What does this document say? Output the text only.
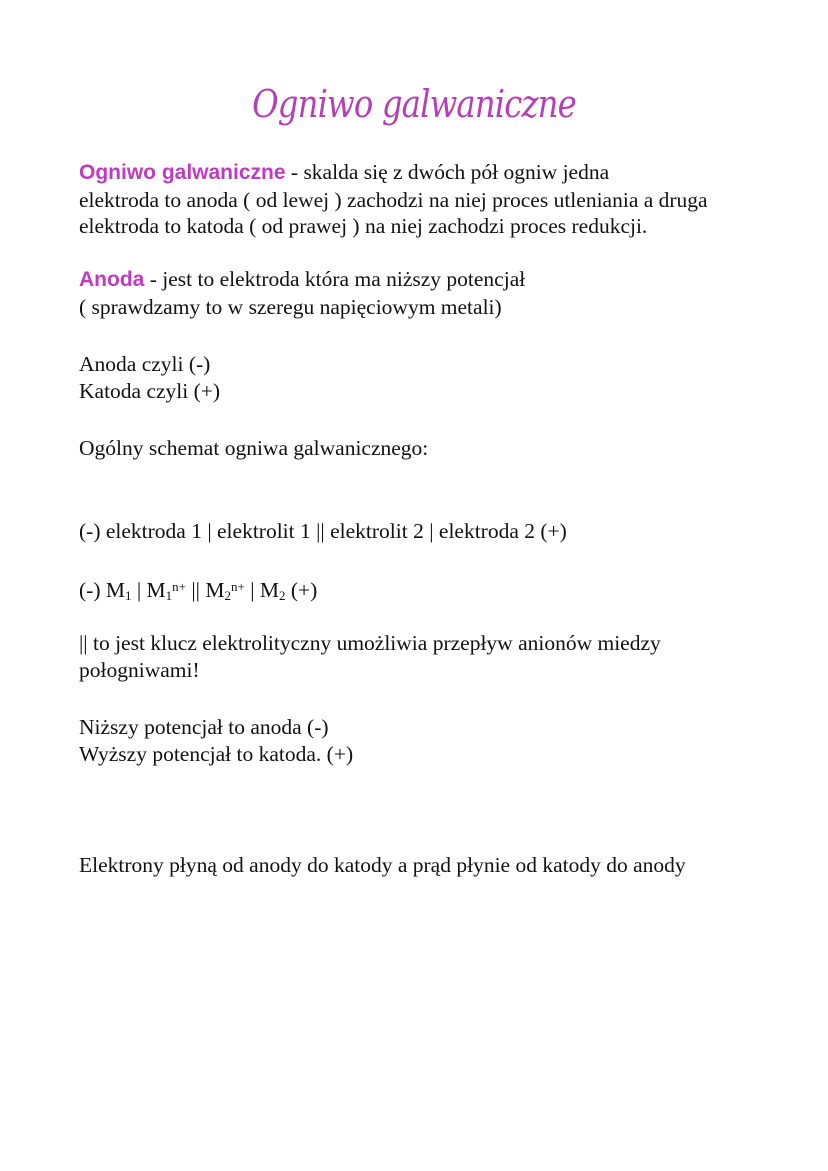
Ogniwo galwaniczne
Ogniwo galwaniczne - skalda się z dwóch pół ogniw jedna
elektroda to anoda ( od lewej ) zachodzi na niej proces utleniania a druga
elektroda to katoda ( od prawej ) na niej zachodzi proces redukcji.
Anoda - jest to elektroda która ma niższy potencjał
( sprawdzamy to w szeregu napięciowym metali)
Anoda czyli (-)
Katoda czyli (+)
Ogólny schemat ogniwa galwanicznego:
(-) elektroda 1 | elektrolit 1 || elektrolit 2 | elektroda 2 (+)
(-) $M_1$ | $M_1^{n+}$ || $M_2^{n+}$ | $M_2$ (+)
|| to jest klucz elektrolityczny umożliwia przepływ anionów miedzy
połogniwami!
Niższy potencjał to anoda (-)
Wyższy potencjał to katoda. (+)
Elektrony płyną od anody do katody a prąd płynie od katody do anody
